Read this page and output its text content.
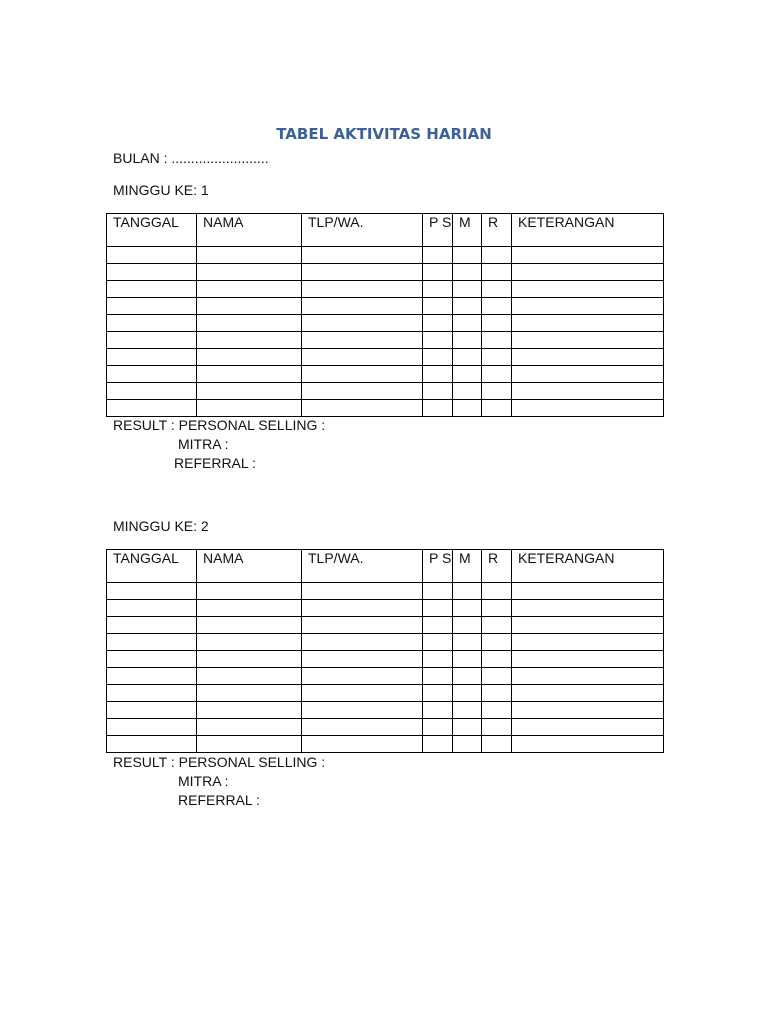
TABEL AKTIVITAS HARIAN
BULAN : .........................
MINGGU KE: 1
TANGGAL	NAMA	TLP/WA.	P S	M	R	KETERANGAN

RESULT : PERSONAL SELLING :
MITRA :
REFERRAL :
MINGGU KE: 2
TANGGAL	NAMA	TLP/WA.	P S	M	R	KETERANGAN

RESULT : PERSONAL SELLING :
MITRA :
REFERRAL :
